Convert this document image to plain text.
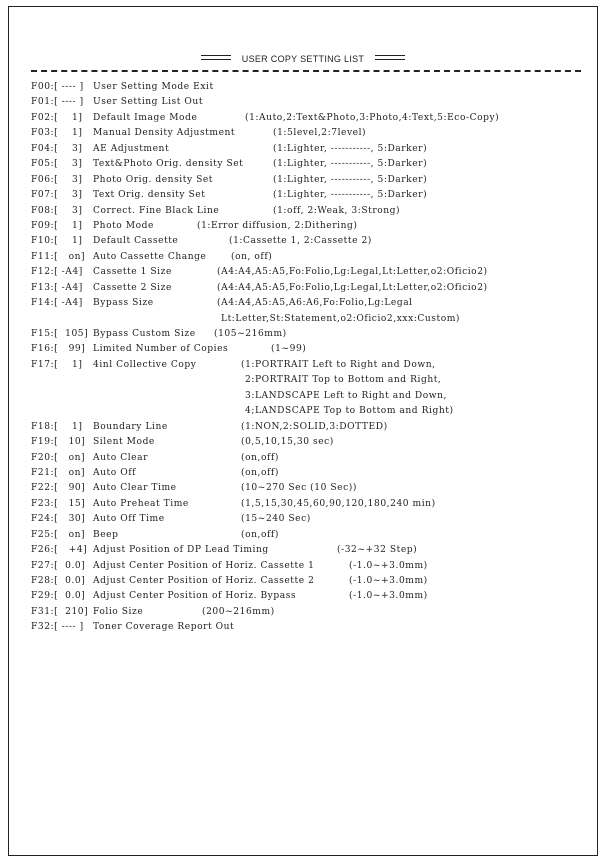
USER COPY SETTING LIST
F00:[ ---- ] User Setting Mode Exit
F01:[ ---- ] User Setting List Out
F02:[    1] Default Image Mode	(1:Auto,2:Text&Photo,3:Photo,4:Text,5:Eco-Copy)
F03:[    1] Manual Density Adjustment	(1:5level,2:7level)
F04:[    3] AE Adjustment	(1:Lighter, -----------, 5:Darker)
F05:[    3] Text&Photo Orig. density Set	(1:Lighter, -----------, 5:Darker)
F06:[    3] Photo Orig. density Set	(1:Lighter, -----------, 5:Darker)
F07:[    3] Text Orig. density Set	(1:Lighter, -----------, 5:Darker)
F08:[    3] Correct. Fine Black Line	(1:off, 2:Weak, 3:Strong)
F09:[    1] Photo Mode	(1:Error diffusion, 2:Dithering)
F10:[    1] Default Cassette	(1:Cassette 1, 2:Cassette 2)
F11:[   on] Auto Cassette Change	(on, off)
F12:[ -A4] Cassette 1 Size	(A4:A4,A5:A5,Fo:Folio,Lg:Legal,Lt:Letter,o2:Oficio2)
F13:[ -A4] Cassette 2 Size	(A4:A4,A5:A5,Fo:Folio,Lg:Legal,Lt:Letter,o2:Oficio2)
F14:[ -A4] Bypass Size	(A4:A4,A5:A5,A6:A6,Fo:Folio,Lg:Legal
Lt:Letter,St:Statement,o2:Oficio2,xxx:Custom)
F15:[  105] Bypass Custom Size (105~216mm)
F16:[   99] Limited Number of Copies	(1~99)
F17:[    1] 4inl Collective Copy	(1:PORTRAIT Left to Right and Down,
2:PORTRAIT Top to Bottom and Right,
3:LANDSCAPE Left to Right and Down,
4;LANDSCAPE Top to Bottom and Right)
F18:[    1] Boundary Line	(1:NON,2:SOLID,3:DOTTED)
F19:[   10] Silent Mode	(0,5,10,15,30 sec)
F20:[   on] Auto Clear	(on,off)
F21:[   on] Auto Off	(on,off)
F22:[   90] Auto Clear Time	(10~270 Sec (10 Sec))
F23:[   15] Auto Preheat Time	(1,5,15,30,45,60,90,120,180,240 min)
F24:[   30] Auto Off Time	(15~240 Sec)
F25:[   on] Beep	(on,off)
F26:[   +4] Adjust Position of DP Lead Timing	(-32~+32 Step)
F27:[  0.0] Adjust Center Position of Horiz. Cassette 1	(-1.0~+3.0mm)
F28:[  0.0] Adjust Center Position of Horiz. Cassette 2	(-1.0~+3.0mm)
F29:[  0.0] Adjust Center Position of Horiz. Bypass	(-1.0~+3.0mm)
F31:[  210] Folio Size	(200~216mm)
F32:[ ---- ] Toner Coverage Report Out
